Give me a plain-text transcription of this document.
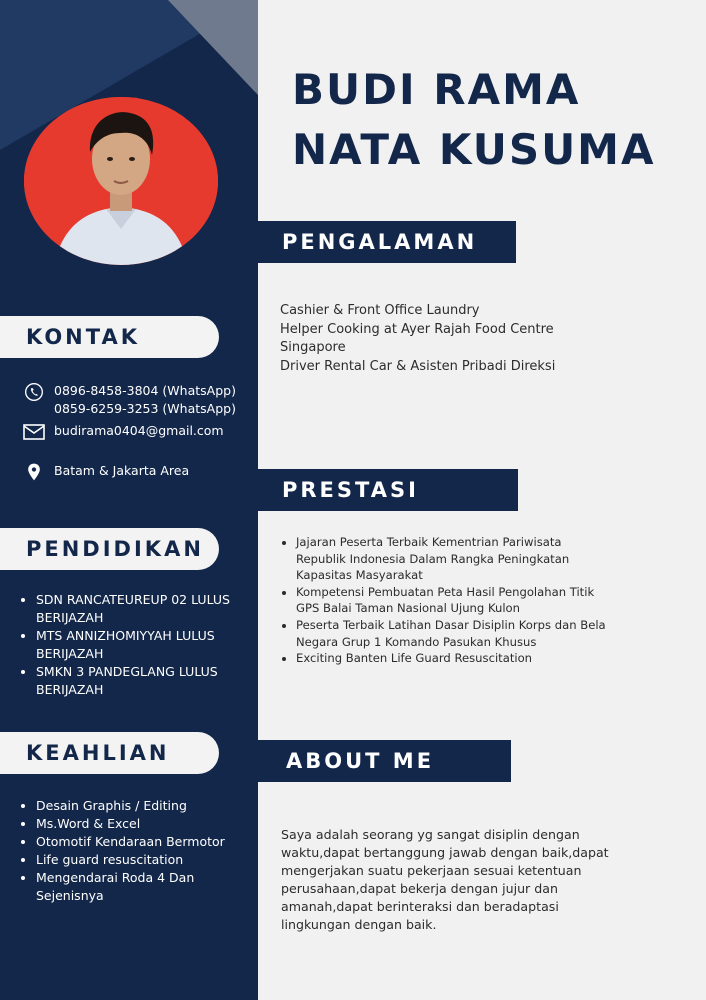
BUDI RAMA
NATA KUSUMA
KONTAK
0896-8458-3804 (WhatsApp)
0859-6259-3253 (WhatsApp)
budirama0404@gmail.com
Batam & Jakarta Area
PENDIDIKAN
• SDN RANCATEUREUP 02 LULUS BERIJAZAH
• MTS ANNIZHOMIYYAH LULUS BERIJAZAH
• SMKN 3 PANDEGLANG LULUS BERIJAZAH
KEAHLIAN
• Desain Graphis / Editing
• Ms.Word & Excel
• Otomotif Kendaraan Bermotor
• Life guard resuscitation
• Mengendarai Roda 4 Dan Sejenisnya
PENGALAMAN
Cashier & Front Office Laundry
Helper Cooking at Ayer Rajah Food Centre
Singapore
Driver Rental Car & Asisten Pribadi Direksi
PRESTASI
• Jajaran Peserta Terbaik Kementrian Pariwisata Republik Indonesia Dalam Rangka Peningkatan Kapasitas Masyarakat
• Kompetensi Pembuatan Peta Hasil Pengolahan Titik GPS Balai Taman Nasional Ujung Kulon
• Peserta Terbaik Latihan Dasar Disiplin Korps dan Bela Negara Grup 1 Komando Pasukan Khusus
• Exciting Banten Life Guard Resuscitation
ABOUT ME
Saya adalah seorang yg sangat disiplin dengan
waktu,dapat bertanggung jawab dengan baik,dapat
mengerjakan suatu pekerjaan sesuai ketentuan
perusahaan,dapat bekerja dengan jujur dan
amanah,dapat berinteraksi dan beradaptasi
lingkungan dengan baik.
